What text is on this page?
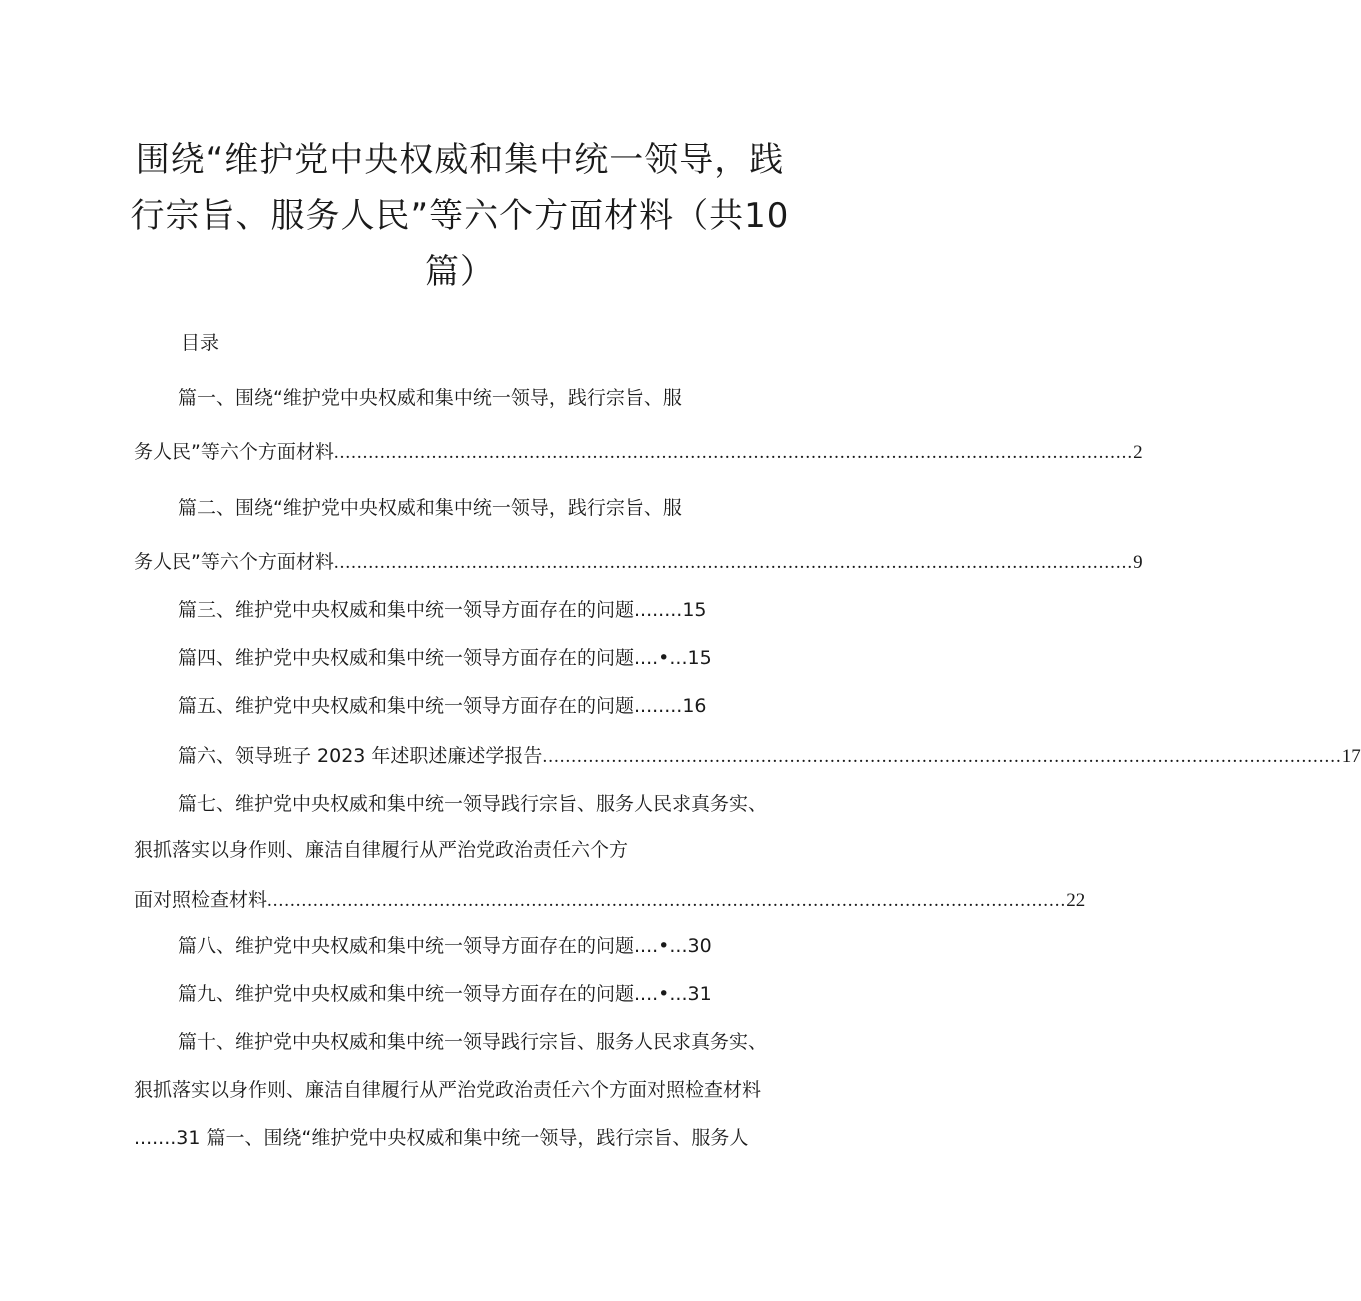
围绕“维护党中央权威和集中统一领导，践
行宗旨、服务人民”等六个方面材料（共10
篇）
目录
篇一、围绕“维护党中央权威和集中统一领导，践行宗旨、服
务人民”等六个方面材料 ........................................................................................................................................... 2
篇二、围绕“维护党中央权威和集中统一领导，践行宗旨、服
务人民”等六个方面材料 ........................................................................................................................................... 9
篇三、维护党中央权威和集中统一领导方面存在的问题........15
篇四、维护党中央权威和集中统一领导方面存在的问题....•...15
篇五、维护党中央权威和集中统一领导方面存在的问题........16
篇六、领导班子 2023 年述职述廉述学报告 ........................................................................................................................................... 17
篇七、维护党中央权威和集中统一领导践行宗旨、服务人民求真务实、
狠抓落实以身作则、廉洁自律履行从严治党政治责任六个方
面对照检查材料 ........................................................................................................................................... 22
篇八、维护党中央权威和集中统一领导方面存在的问题....•...30
篇九、维护党中央权威和集中统一领导方面存在的问题....•...31
篇十、维护党中央权威和集中统一领导践行宗旨、服务人民求真务实、
狠抓落实以身作则、廉洁自律履行从严治党政治责任六个方面对照检查材料
.......31 篇一、围绕“维护党中央权威和集中统一领导，践行宗旨、服务人
